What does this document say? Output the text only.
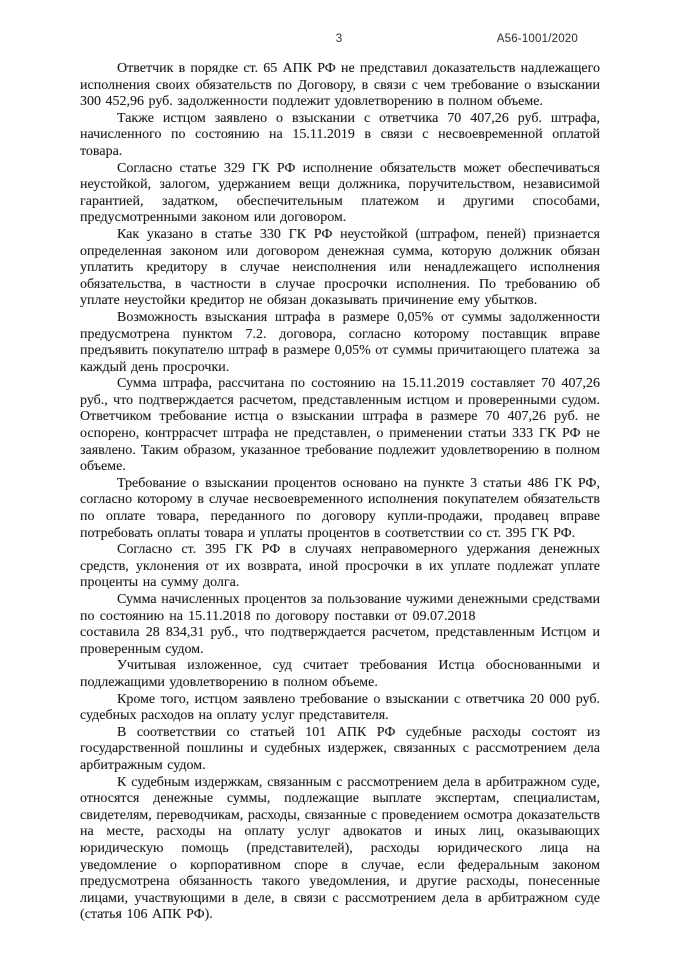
3	А56-1001/2020

Ответчик в порядке ст. 65 АПК РФ не представил доказательств надлежащего исполнения своих обязательств по Договору, в связи с чем требование о взыскании 300 452,96 руб. задолженности подлежит удовлетворению в полном объеме.

Также истцом заявлено о взыскании с ответчика 70 407,26 руб. штрафа, начисленного по состоянию на 15.11.2019 в связи с несвоевременной оплатой товара.

Согласно статье 329 ГК РФ исполнение обязательств может обеспечиваться неустойкой, залогом, удержанием вещи должника, поручительством, независимой гарантией, задатком, обеспечительным платежом и другими способами, предусмотренными законом или договором.

Как указано в статье 330 ГК РФ неустойкой (штрафом, пеней) признается определенная законом или договором денежная сумма, которую должник обязан уплатить кредитору в случае неисполнения или ненадлежащего исполнения обязательства, в частности в случае просрочки исполнения. По требованию об уплате неустойки кредитор не обязан доказывать причинение ему убытков.

Возможность взыскания штрафа в размере 0,05% от суммы задолженности предусмотрена пунктом 7.2. договора, согласно которому поставщик вправе предъявить покупателю штраф в размере 0,05% от суммы причитающего платежа  за каждый день просрочки.

Сумма штрафа, рассчитана по состоянию на 15.11.2019 составляет 70 407,26 руб., что подтверждается расчетом, представленным истцом и проверенными судом. Ответчиком требование истца о взыскании штрафа в размере 70 407,26 руб. не оспорено, контррасчет штрафа не представлен, о применении статьи 333 ГК РФ не заявлено. Таким образом, указанное требование подлежит удовлетворению в полном объеме.

Требование о взыскании процентов основано на пункте 3 статьи 486 ГК РФ, согласно которому в случае несвоевременного исполнения покупателем обязательств по оплате товара, переданного по договору купли-продажи, продавец вправе потребовать оплаты товара и уплаты процентов в соответствии со ст. 395 ГК РФ.

Согласно ст. 395 ГК РФ в случаях неправомерного удержания денежных средств, уклонения от их возврата, иной просрочки в их уплате подлежат уплате проценты на сумму долга.

Сумма начисленных процентов за пользование чужими денежными средствами по состоянию на 15.11.2018 по договору поставки от 09.07.2018                         составила 28 834,31 руб., что подтверждается расчетом, представленным Истцом и проверенным судом.

Учитывая изложенное, суд считает требования Истца обоснованными и подлежащими удовлетворению в полном объеме.

Кроме того, истцом заявлено требование о взыскании с ответчика 20 000 руб. судебных расходов на оплату услуг представителя.

В соответствии со статьей 101 АПК РФ судебные расходы состоят из государственной пошлины и судебных издержек, связанных с рассмотрением дела арбитражным судом.

К судебным издержкам, связанным с рассмотрением дела в арбитражном суде, относятся денежные суммы, подлежащие выплате экспертам, специалистам, свидетелям, переводчикам, расходы, связанные с проведением осмотра доказательств на месте, расходы на оплату услуг адвокатов и иных лиц, оказывающих юридическую помощь (представителей), расходы юридического лица на уведомление о корпоративном споре в случае, если федеральным законом предусмотрена обязанность такого уведомления, и другие расходы, понесенные лицами, участвующими в деле, в связи с рассмотрением дела в арбитражном суде (статья 106 АПК РФ).
